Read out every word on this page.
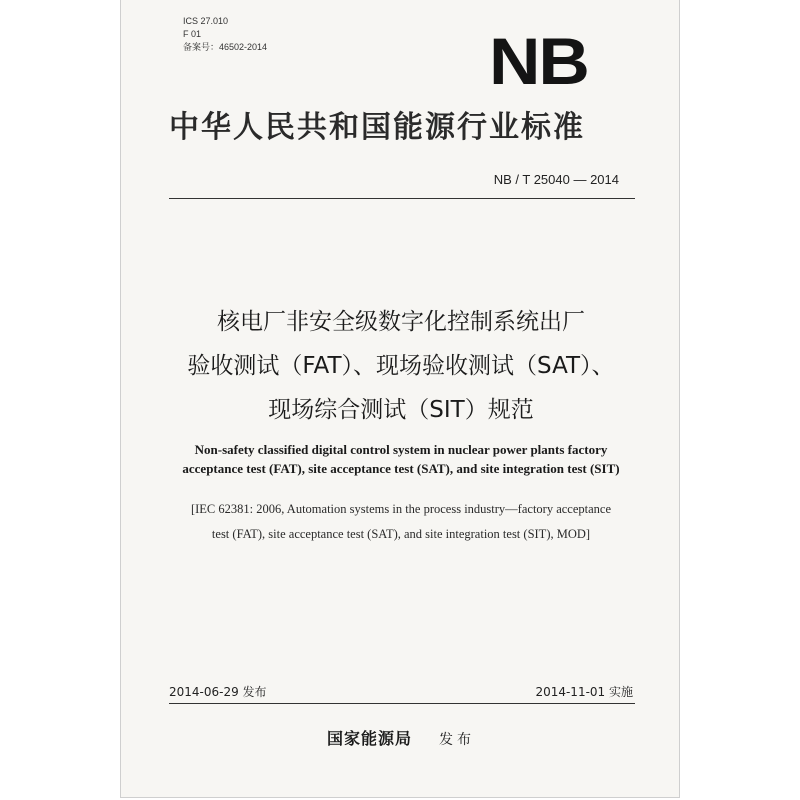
ICS 27.010
F 01
备案号：46502-2014	NB
中华人民共和国能源行业标准
NB / T 25040 — 2014
核电厂非安全级数字化控制系统出厂
验收测试（FAT）、现场验收测试（SAT）、
现场综合测试（SIT）规范
Non-safety classified digital control system in nuclear power plants factory
acceptance test (FAT), site acceptance test (SAT), and site integration test (SIT)
[IEC 62381: 2006, Automation systems in the process industry—factory acceptance
test (FAT), site acceptance test (SAT), and site integration test (SIT), MOD]
2014-06-29 发布	2014-11-01 实施
国家能源局 发布
